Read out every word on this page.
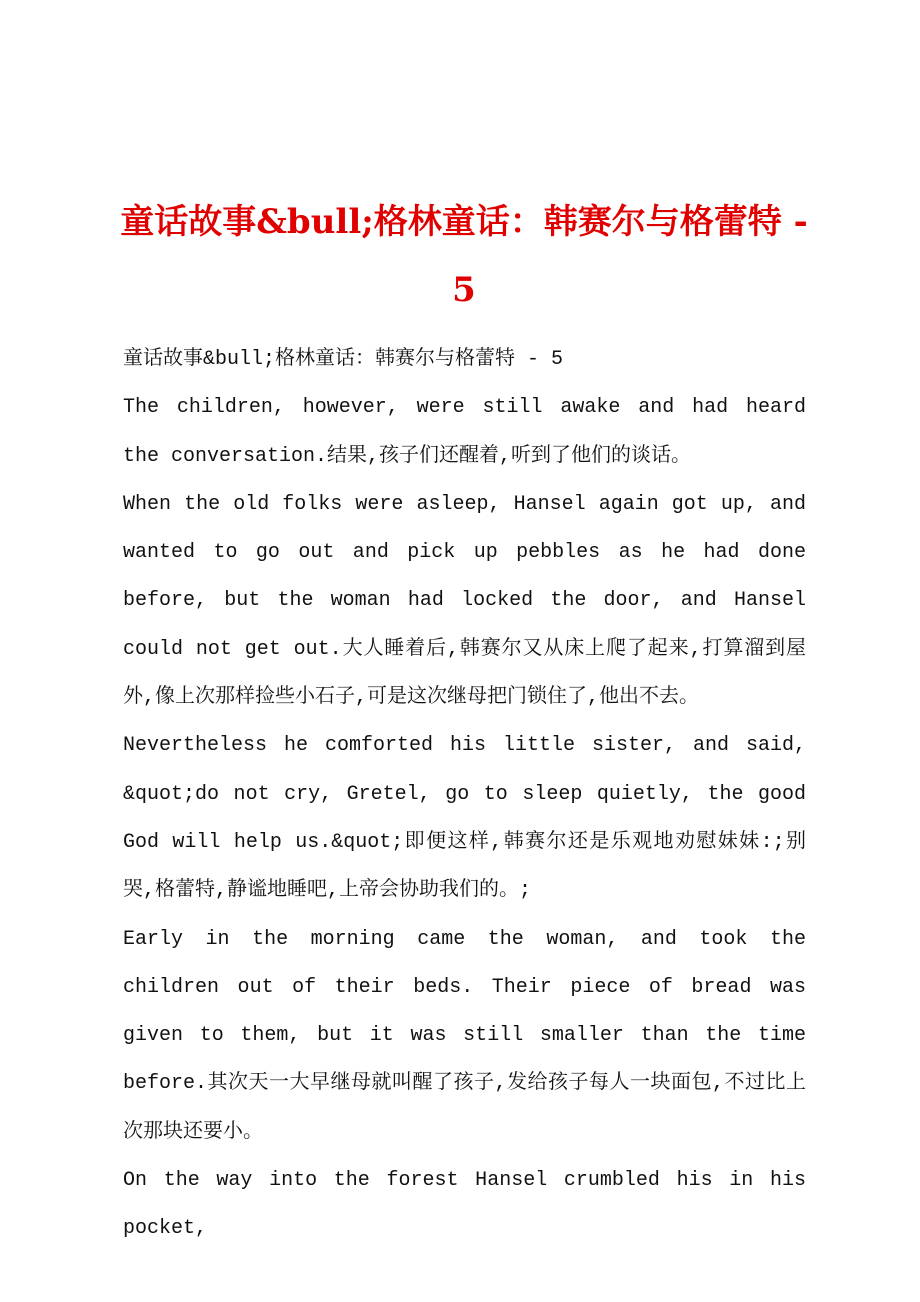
童话故事&bull;格林童话：韩赛尔与格蕾特 - 5

童话故事&bull;格林童话：韩赛尔与格蕾特 - 5

The children, however, were still awake and had heard the conversation.结果,孩子们还醒着,听到了他们的谈话。

When the old folks were asleep, Hansel again got up, and wanted to go out and pick up pebbles as he had done before, but the woman had locked the door, and Hansel could not get out.大人睡着后,韩赛尔又从床上爬了起来,打算溜到屋外,像上次那样捡些小石子,可是这次继母把门锁住了,他出不去。

Nevertheless he comforted his little sister, and said, &quot;do not cry, Gretel, go to sleep quietly, the good God will help us.&quot;即便这样,韩赛尔还是乐观地劝慰妹妹:;别哭,格蕾特,静谧地睡吧,上帝会协助我们的。;

Early in the morning came the woman, and took the children out of their beds. Their piece of bread was given to them, but it was still smaller than the time before.其次天一大早继母就叫醒了孩子,发给孩子每人一块面包,不过比上次那块还要小。

On the way into the forest Hansel crumbled his in his pocket,
